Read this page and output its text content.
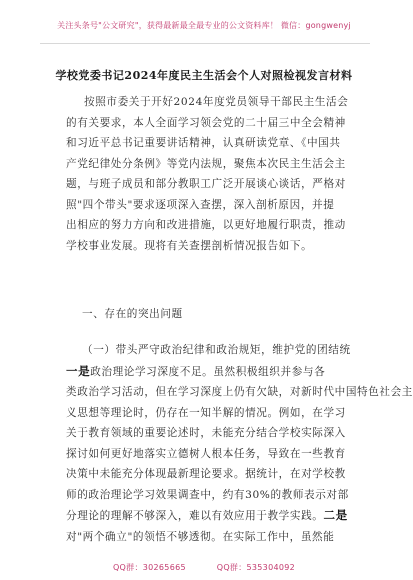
关注头条号"公文研究"，获得最新最全最专业的公文资料库！ 微信：gongwenyj
学校党委书记2024年度民主生活会个人对照检视发言材料
按照市委关于开好2024年度党员领导干部民主生活会
的有关要求，本人全面学习领会党的二十届三中全会精神
和习近平总书记重要讲话精神，认真研读党章、《中国共
产党纪律处分条例》等党内法规，聚焦本次民主生活会主
题，与班子成员和部分教职工广泛开展谈心谈话，严格对
照"四个带头"要求逐项深入查摆，深入剖析原因，并提
出相应的努力方向和改进措施，以更好地履行职责，推动
学校事业发展。现将有关查摆剖析情况报告如下。
一、存在的突出问题
（一）带头严守政治纪律和政治规矩，维护党的团结统
一是政治理论学习深度不足。虽然积极组织并参与各
类政治学习活动，但在学习深度上仍有欠缺，对新时代中国特色社会主
义思想等理论时，仍存在一知半解的情况。例如，在学习
关于教育领域的重要论述时，未能充分结合学校实际深入
探讨如何更好地落实立德树人根本任务，导致在一些教育
决策中未能充分体现最新理论要求。据统计，在对学校教
师的政治理论学习效果调查中，约有30%的教师表示对部
分理论的理解不够深入，难以有效应用于教学实践。二是
对"两个确立"的领悟不够透彻。在实际工作中，虽然能
QQ群：30265665	QQ群：535304092
